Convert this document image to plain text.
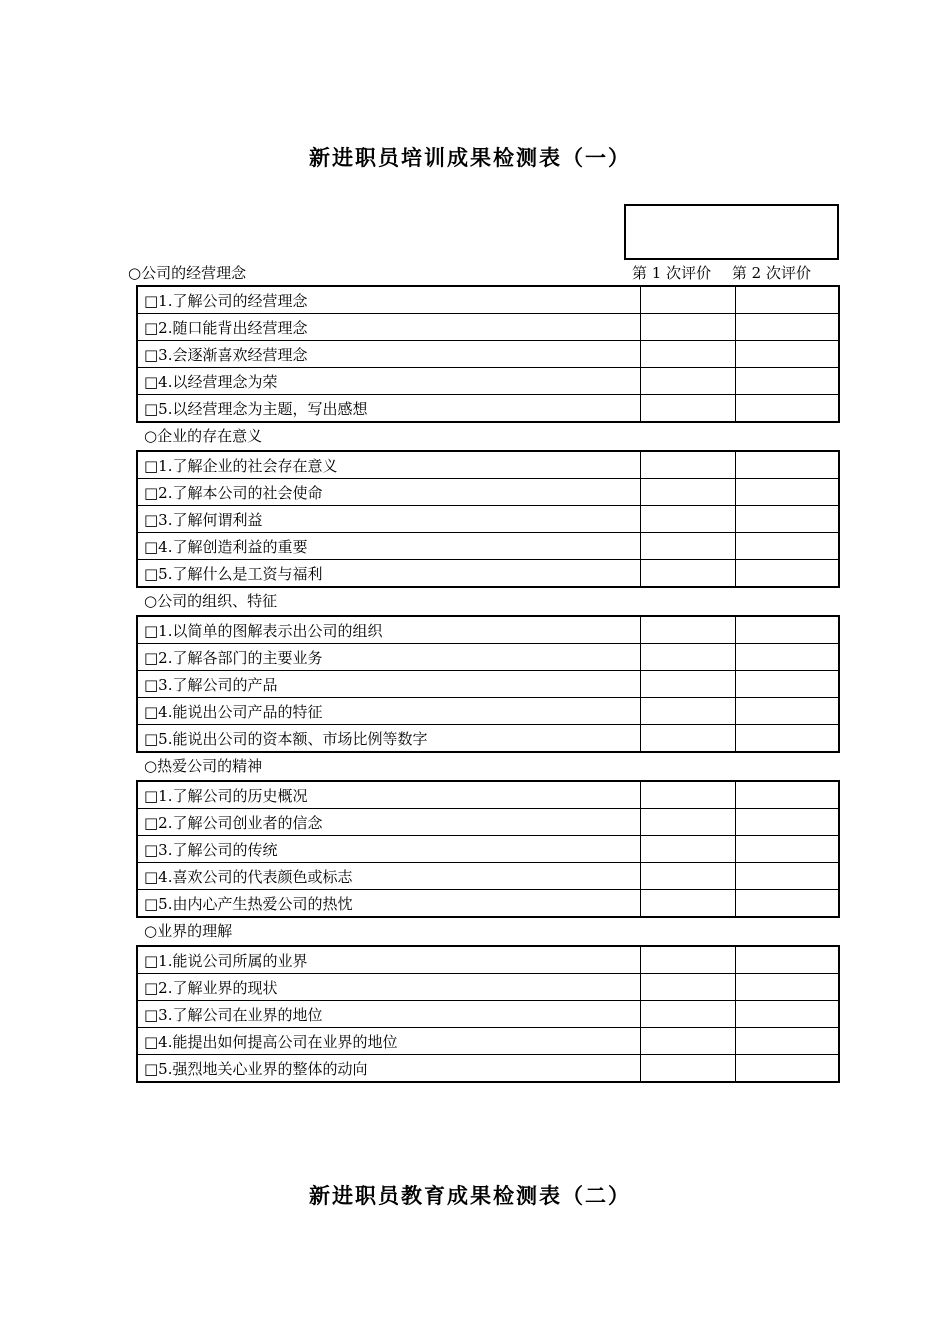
新进职员培训成果检测表（一）
○公司的经营理念	第 1 次评价 第 2 次评价
□1.了解公司的经营理念		
□2.随口能背出经营理念		
□3.会逐渐喜欢经营理念		
□4.以经营理念为荣		
□5.以经营理念为主题，写出感想		
○企业的存在意义
□1.了解企业的社会存在意义		
□2.了解本公司的社会使命		
□3.了解何谓利益		
□4.了解创造利益的重要		
□5.了解什么是工资与福利		
○公司的组织、特征
□1.以简单的图解表示出公司的组织		
□2.了解各部门的主要业务		
□3.了解公司的产品		
□4.能说出公司产品的特征		
□5.能说出公司的资本额、市场比例等数字		
○热爱公司的精神
□1.了解公司的历史概况		
□2.了解公司创业者的信念		
□3.了解公司的传统		
□4.喜欢公司的代表颜色或标志		
□5.由内心产生热爱公司的热忱		
○业界的理解
□1.能说公司所属的业界		
□2.了解业界的现状		
□3.了解公司在业界的地位		
□4.能提出如何提高公司在业界的地位		
□5.强烈地关心业界的整体的动向		
新进职员教育成果检测表（二）
